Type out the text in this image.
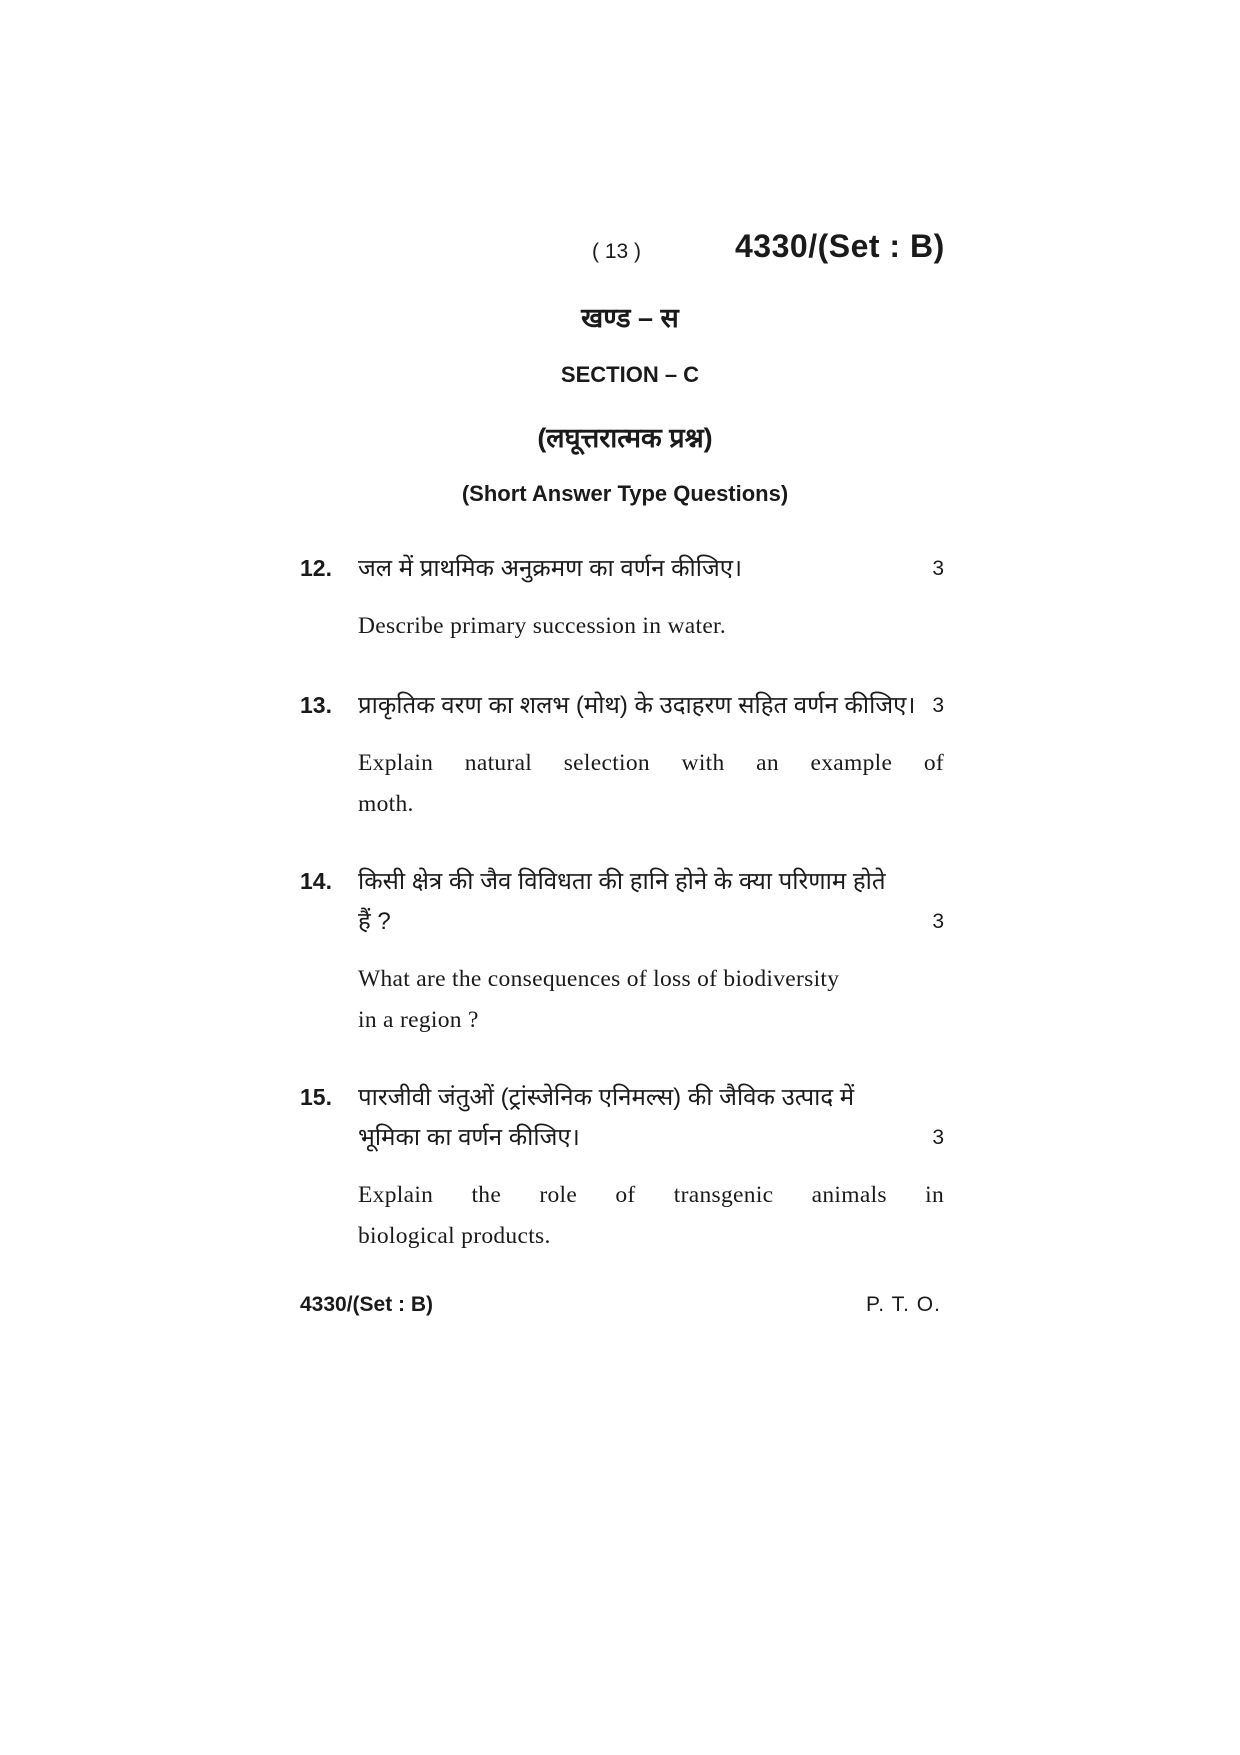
( 13 )	4330/(Set : B)
खण्ड – स
SECTION – C
(लघूत्तरात्मक प्रश्न)
(Short Answer Type Questions)
12. जल में प्राथमिक अनुक्रमण का वर्णन कीजिए।	3
Describe primary succession in water.
13. प्राकृतिक वरण का शलभ (मोथ) के उदाहरण सहित वर्णन कीजिए। 3
Explain natural selection with an example of
moth.
14. किसी क्षेत्र की जैव विविधता की हानि होने के क्या परिणाम होते
हैं ?	3
What are the consequences of loss of biodiversity
in a region ?
15. पारजीवी जंतुओं (ट्रांस्जेनिक एनिमल्स) की जैविक उत्पाद में
भूमिका का वर्णन कीजिए।	3
Explain the role of transgenic animals in
biological products.
4330/(Set : B)	P. T. O.
